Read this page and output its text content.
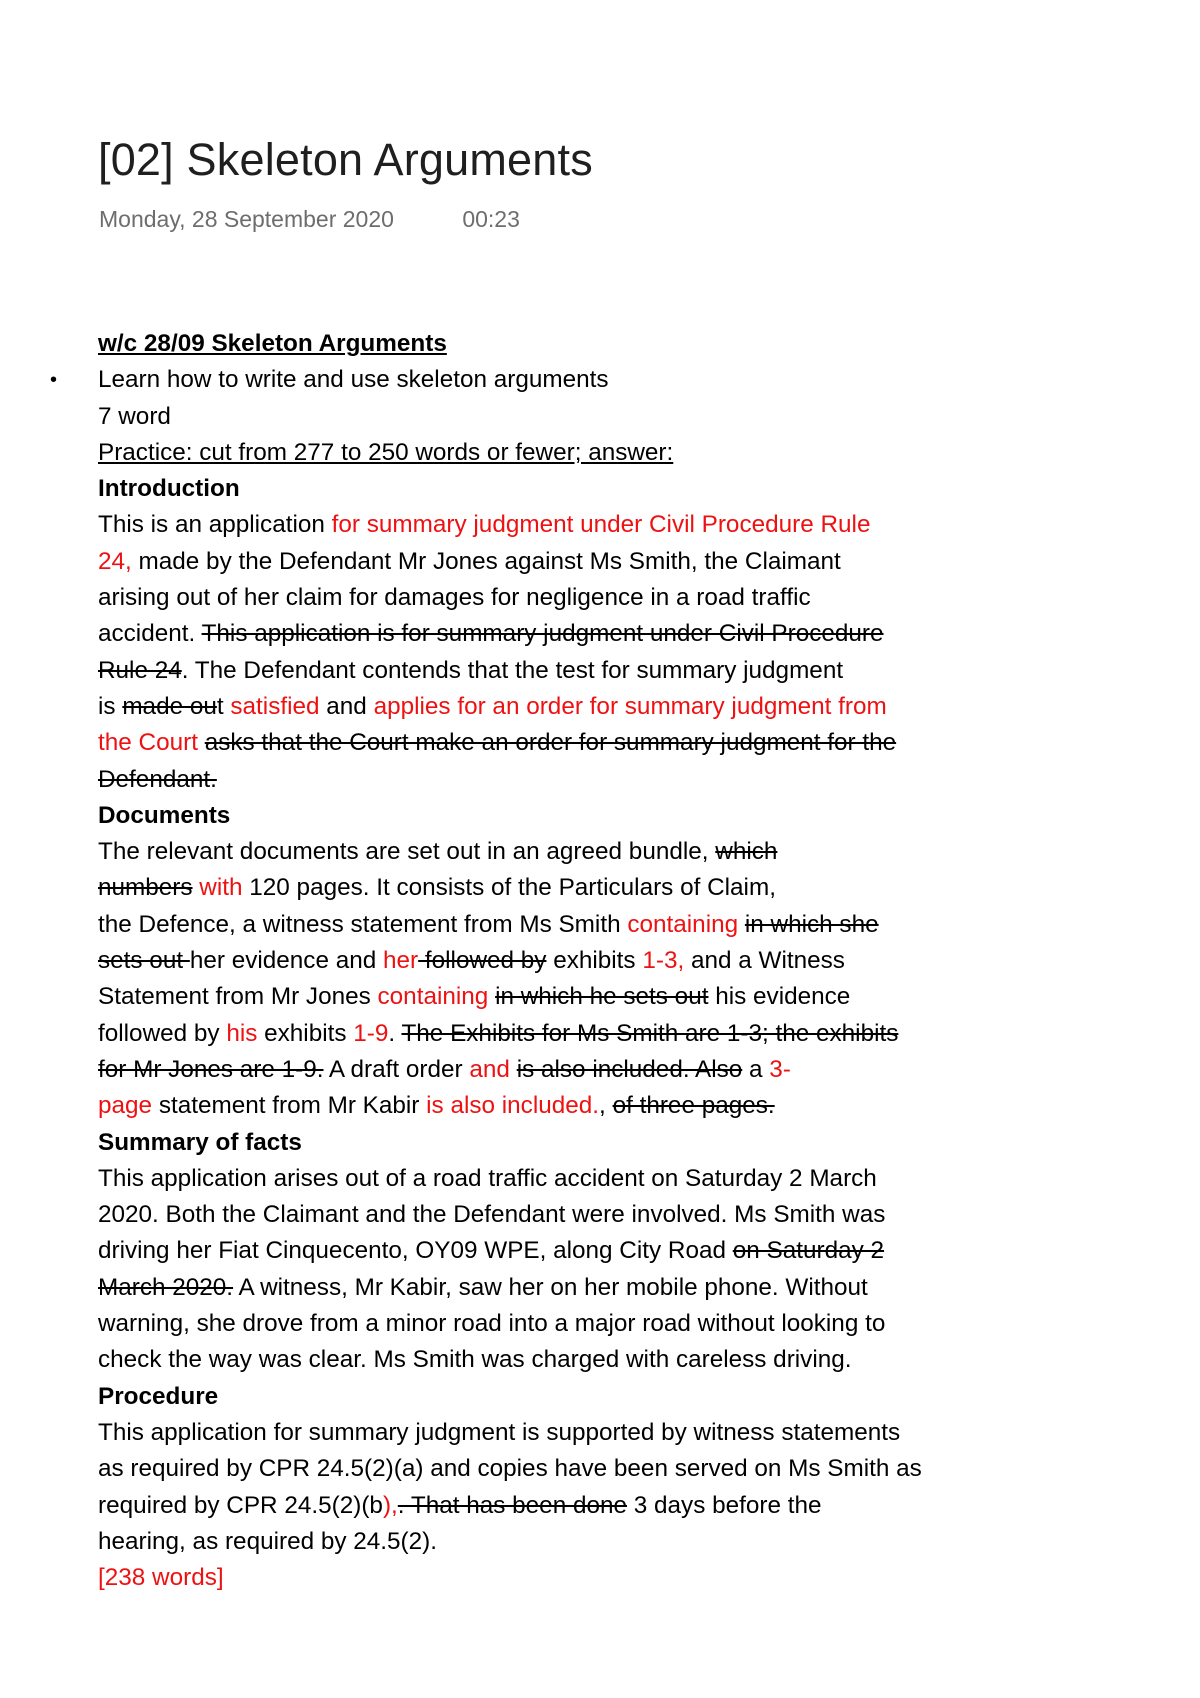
[02] Skeleton Arguments
Monday, 28 September 2020	00:23
w/c 28/09 Skeleton Arguments
• Learn how to write and use skeleton arguments
7 word
Practice: cut from 277 to 250 words or fewer; answer:
Introduction
This is an application for summary judgment under Civil Procedure Rule
24, made by the Defendant Mr Jones against Ms Smith, the Claimant
arising out of her claim for damages for negligence in a road traffic
accident. This application is for summary judgment under Civil Procedure
Rule 24. The Defendant contends that the test for summary judgment
is made out satisfied and applies for an order for summary judgment from
the Court asks that the Court make an order for summary judgment for the
Defendant.
Documents
The relevant documents are set out in an agreed bundle, which
numbers with 120 pages. It consists of the Particulars of Claim,
the Defence, a witness statement from Ms Smith containing in which she
sets out her evidence and her followed by exhibits 1-3, and a Witness
Statement from Mr Jones containing in which he sets out his evidence
followed by his exhibits 1-9. The Exhibits for Ms Smith are 1-3; the exhibits
for Mr Jones are 1-9. A draft order and is also included. Also a 3-
page statement from Mr Kabir is also included., of three pages.
Summary of facts
This application arises out of a road traffic accident on Saturday 2 March
2020. Both the Claimant and the Defendant were involved. Ms Smith was
driving her Fiat Cinquecento, OY09 WPE, along City Road on Saturday 2
March 2020. A witness, Mr Kabir, saw her on her mobile phone. Without
warning, she drove from a minor road into a major road without looking to
check the way was clear. Ms Smith was charged with careless driving.
Procedure
This application for summary judgment is supported by witness statements
as required by CPR 24.5(2)(a) and copies have been served on Ms Smith as
required by CPR 24.5(2)(b),. That has been done 3 days before the
hearing, as required by 24.5(2).
[238 words]
